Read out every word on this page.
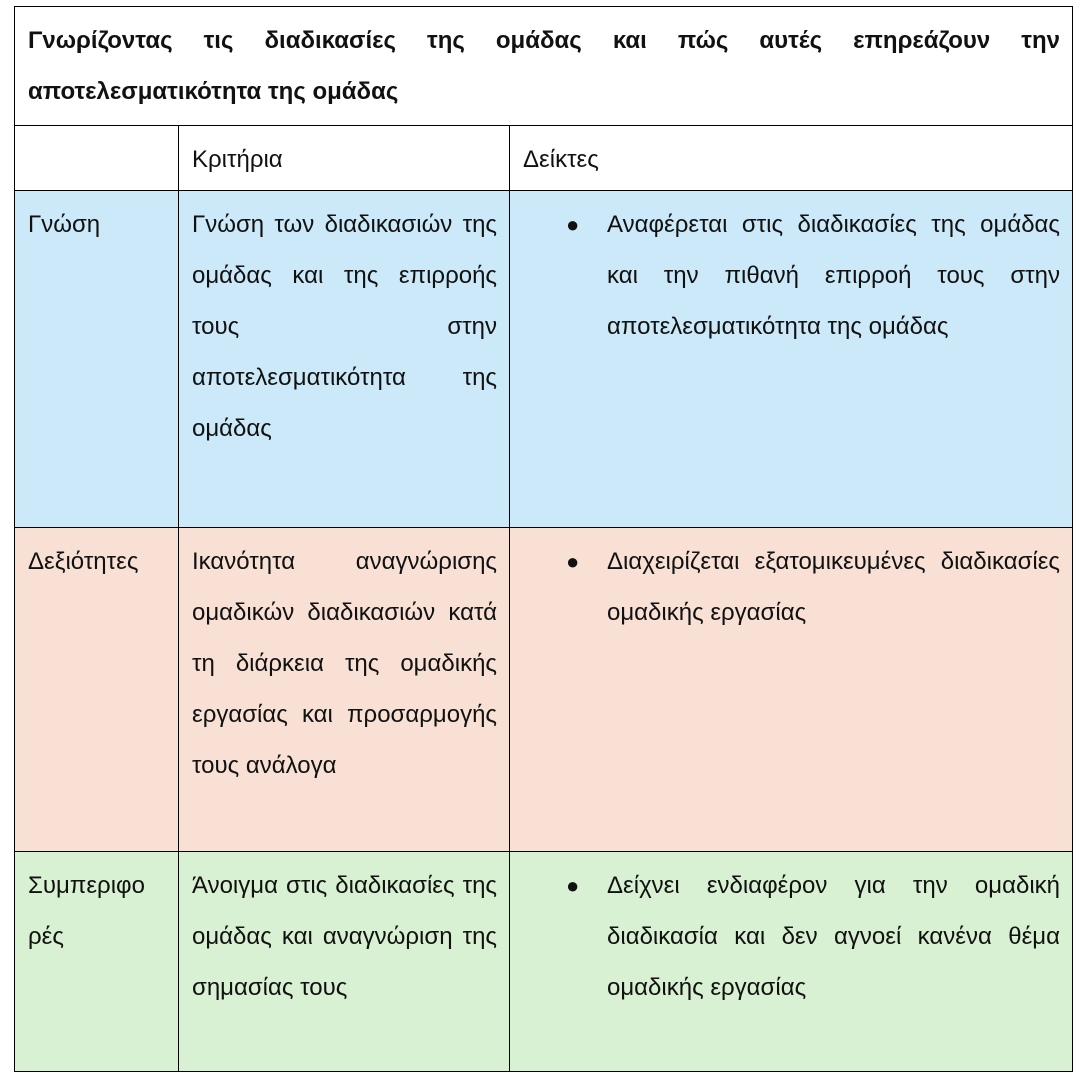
Γνωρίζοντας τις διαδικασίες της ομάδας και πώς αυτές επηρεάζουν την αποτελεσματικότητα της ομάδας		
	Κριτήρια	Δείκτες
Γνώση	Γνώση των διαδικασιών της ομάδας και της επιρροής τους στην αποτελεσματικότητα της ομάδας	● Αναφέρεται στις διαδικασίες της ομάδας και την πιθανή επιρροή τους στην αποτελεσματικότητα της ομάδας

Δεξιότητες	Ικανότητα αναγνώρισης ομαδικών διαδικασιών κατά τη διάρκεια της ομαδικής εργασίας και προσαρμογής τους ανάλογα	● Διαχειρίζεται εξατομικευμένες διαδικασίες ομαδικής εργασίας

Συμπεριφο ρές	Άνοιγμα στις διαδικασίες της ομάδας και αναγνώριση της σημασίας τους	● Δείχνει ενδιαφέρον για την ομαδική διαδικασία και δεν αγνοεί κανένα θέμα ομαδικής εργασίας
